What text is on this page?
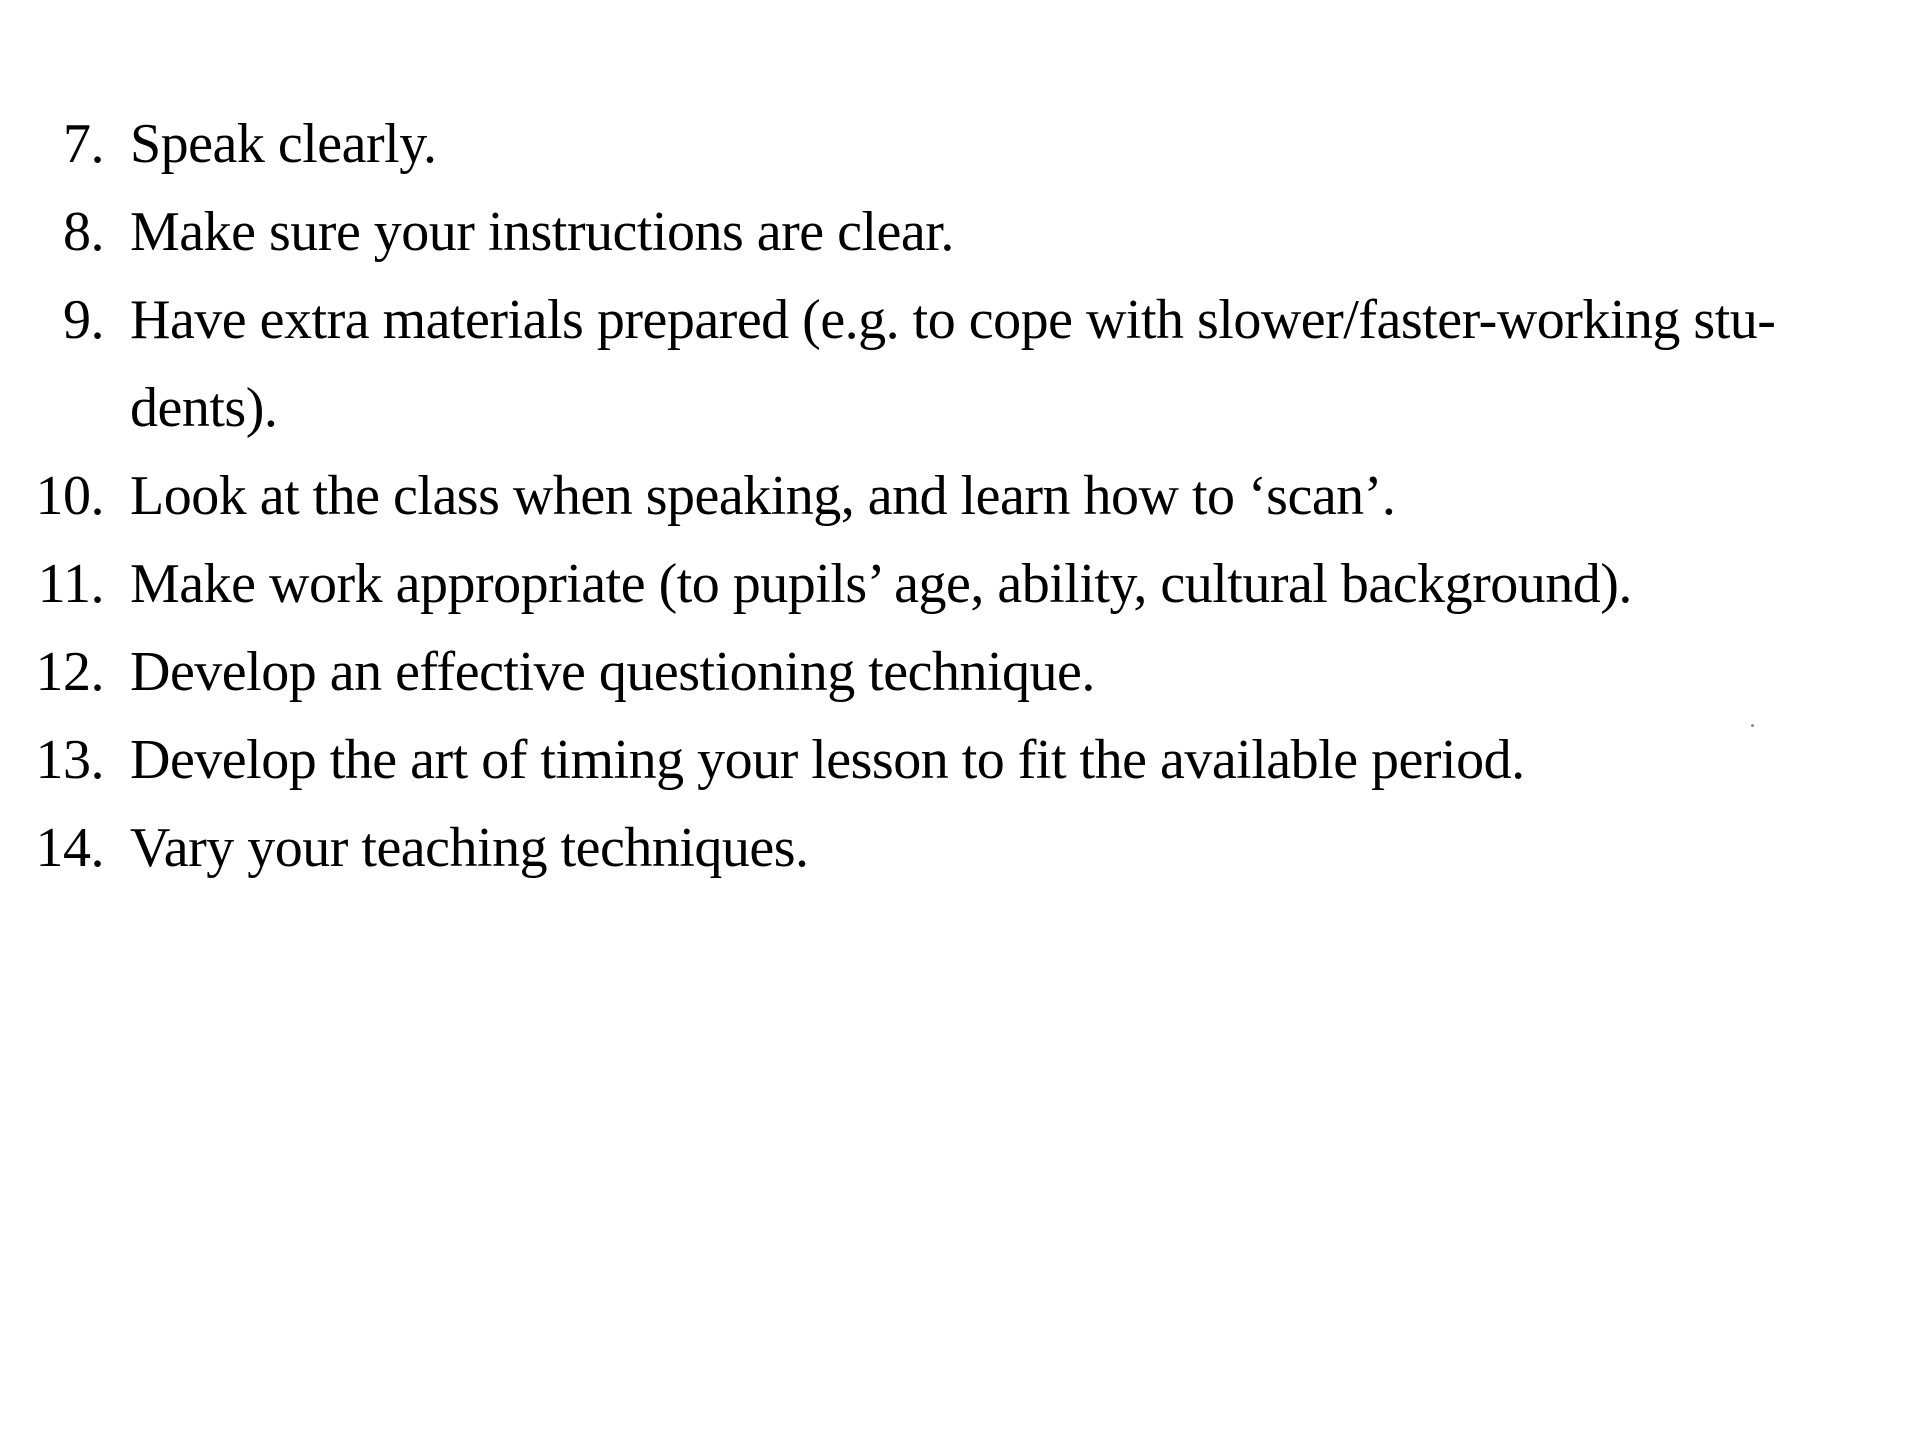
7. Speak clearly.
8. Make sure your instructions are clear.
9. Have extra materials prepared (e.g. to cope with slower/faster-working stu-
dents).
10. Look at the class when speaking, and learn how to ‘scan’.
11. Make work appropriate (to pupils’ age, ability, cultural background).
12. Develop an effective questioning technique.
13. Develop the art of timing your lesson to fit the available period.
14. Vary your teaching techniques.
